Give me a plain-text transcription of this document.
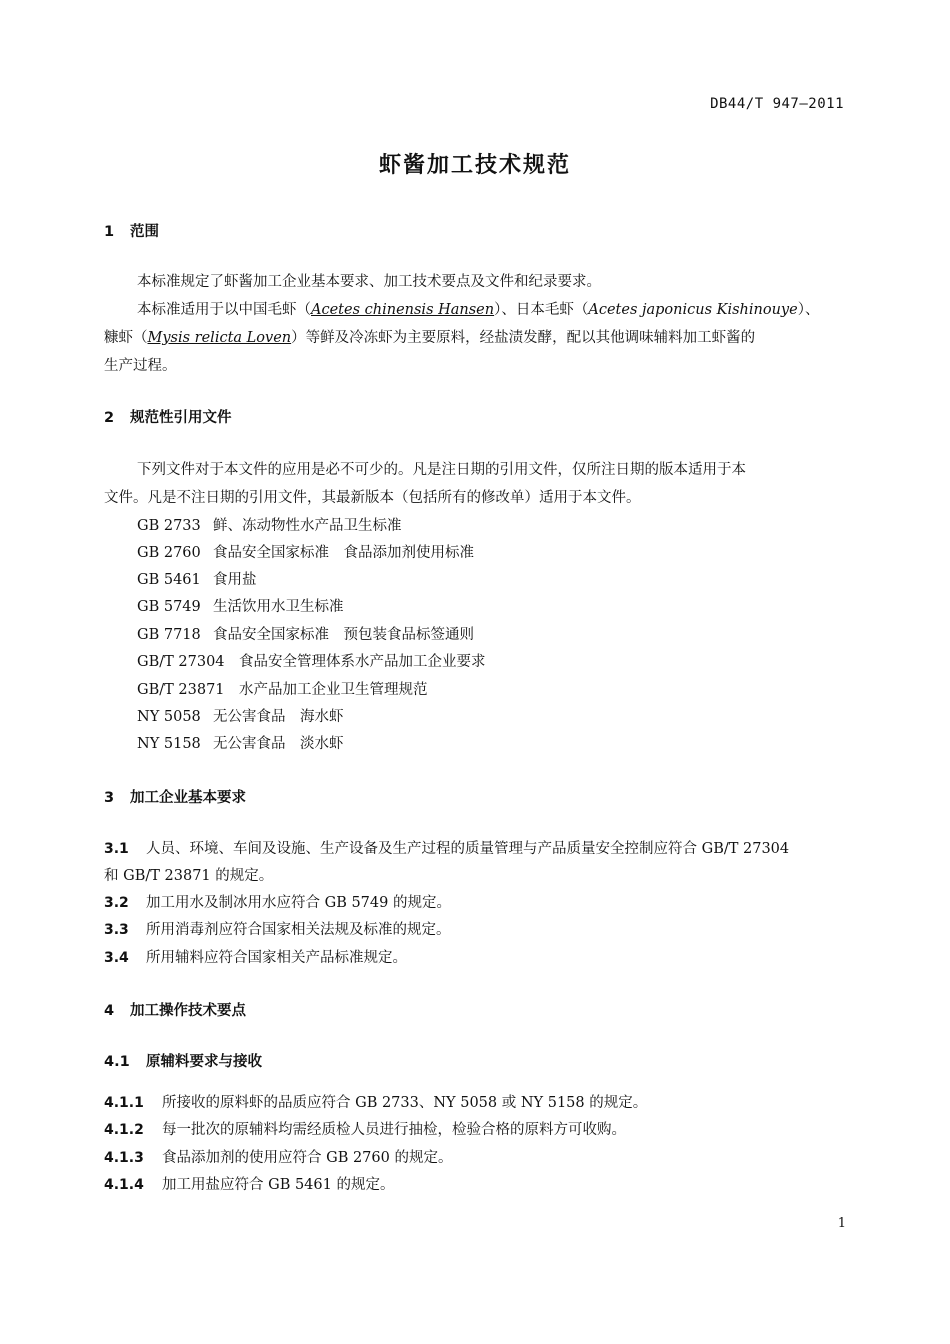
DB44/T 947—2011
虾酱加工技术规范
1 范围
本标准规定了虾酱加工企业基本要求、加工技术要点及文件和纪录要求。
本标准适用于以中国毛虾（Acetes chinensis Hansen）、日本毛虾（Acetes japonicus Kishinouye）、
糠虾（Mysis relicta Loven）等鲜及冷冻虾为主要原料，经盐渍发酵，配以其他调味辅料加工虾酱的
生产过程。
2 规范性引用文件
下列文件对于本文件的应用是必不可少的。凡是注日期的引用文件，仅所注日期的版本适用于本
文件。凡是不注日期的引用文件，其最新版本（包括所有的修改单）适用于本文件。
GB 2733 鲜、冻动物性水产品卫生标准
GB 2760 食品安全国家标准　食品添加剂使用标准
GB 5461 食用盐
GB 5749 生活饮用水卫生标准
GB 7718 食品安全国家标准　预包装食品标签通则
GB/T 27304 食品安全管理体系水产品加工企业要求
GB/T 23871 水产品加工企业卫生管理规范
NY 5058 无公害食品　海水虾
NY 5158 无公害食品　淡水虾
3 加工企业基本要求
3.1 人员、环境、车间及设施、生产设备及生产过程的质量管理与产品质量安全控制应符合 GB/T 27304
和 GB/T 23871 的规定。
3.2 加工用水及制冰用水应符合 GB 5749 的规定。
3.3 所用消毒剂应符合国家相关法规及标准的规定。
3.4 所用辅料应符合国家相关产品标准规定。
4 加工操作技术要点
4.1 原辅料要求与接收
4.1.1 所接收的原料虾的品质应符合 GB 2733、NY 5058 或 NY 5158 的规定。
4.1.2 每一批次的原辅料均需经质检人员进行抽检，检验合格的原料方可收购。
4.1.3 食品添加剂的使用应符合 GB 2760 的规定。
4.1.4 加工用盐应符合 GB 5461 的规定。
1
